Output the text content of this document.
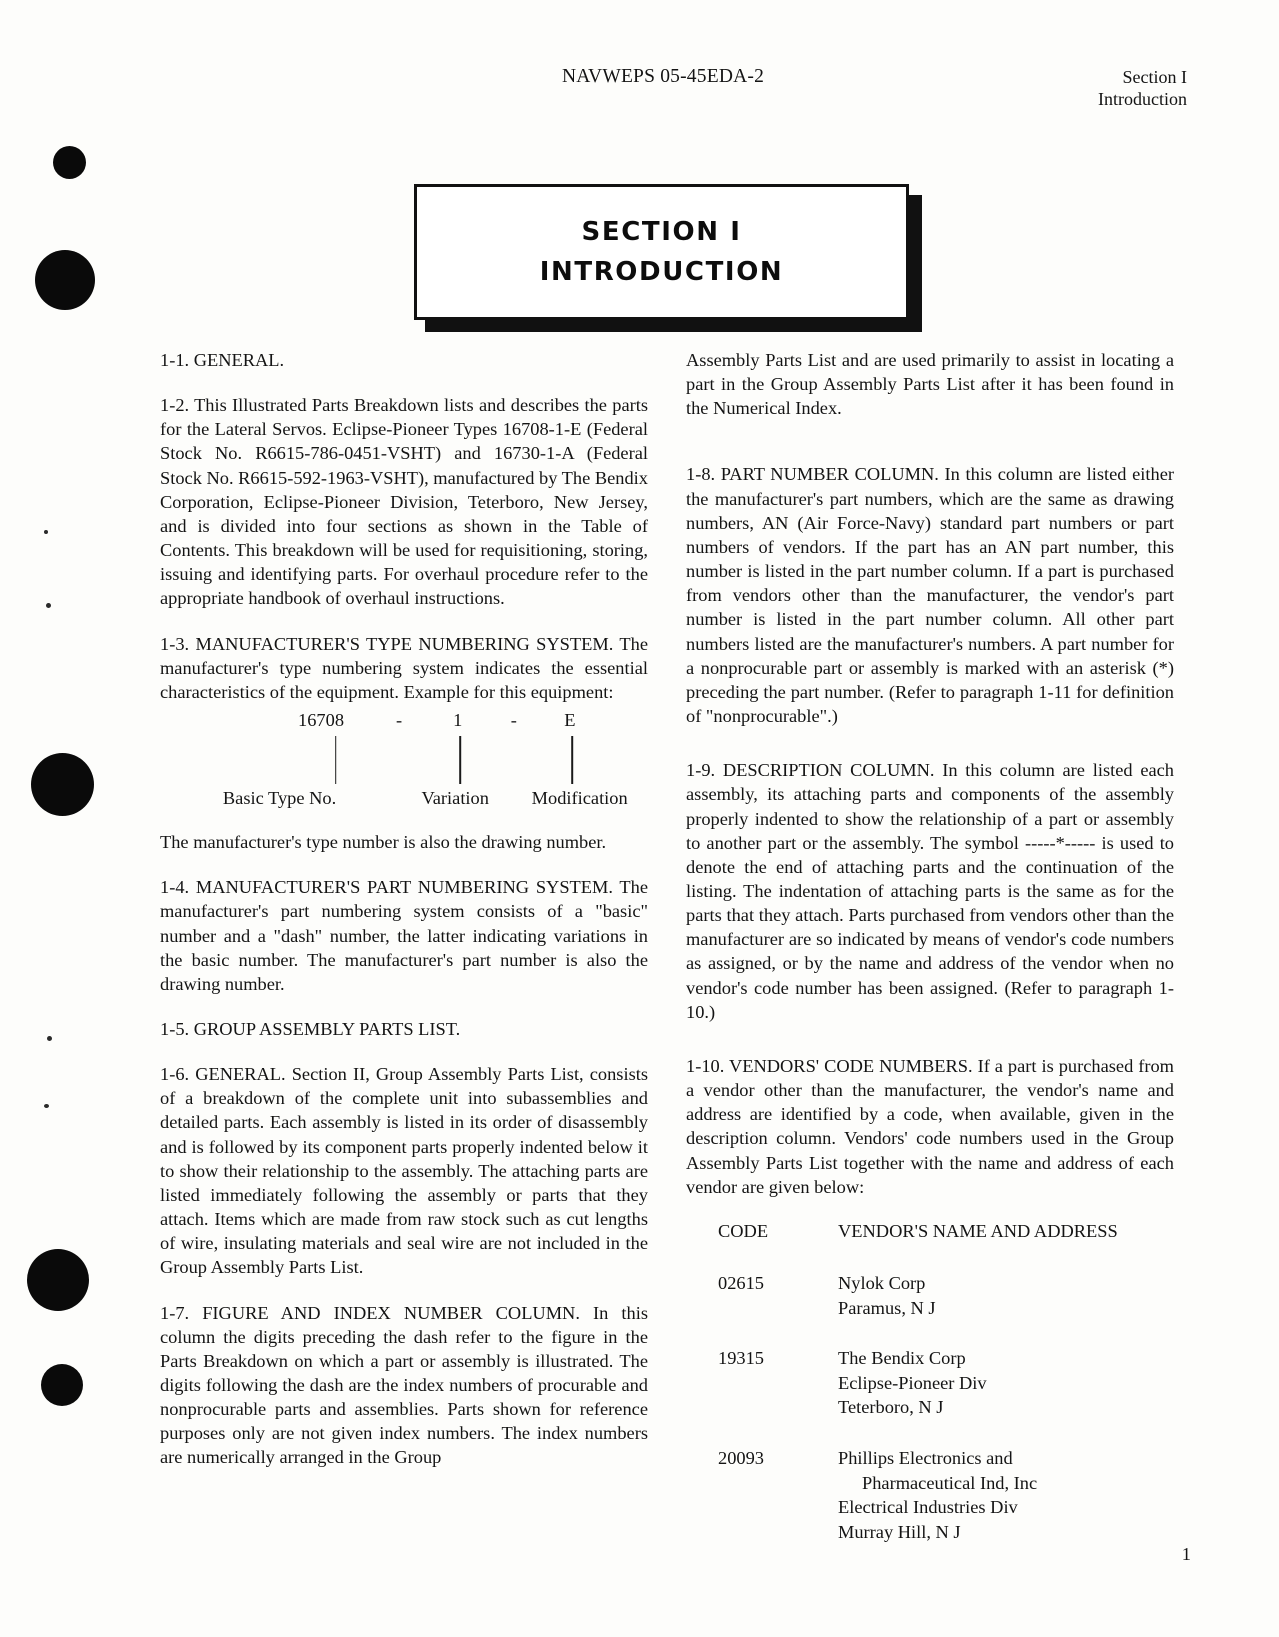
NAVWEPS 05-45EDA-2	Section I
Introduction
SECTION I
INTRODUCTION

1-1. GENERAL.

1-2. This Illustrated Parts Breakdown lists and describes the parts for the Lateral Servos. Eclipse-Pioneer Types 16708-1-E (Federal Stock No. R6615-786-0451-VSHT) and 16730-1-A (Federal Stock No. R6615-592-1963-VSHT), manufactured by The Bendix Corporation, Eclipse-Pioneer Division, Teterboro, New Jersey, and is divided into four sections as shown in the Table of Contents. This breakdown will be used for requisitioning, storing, issuing and identifying parts. For overhaul procedure refer to the appropriate handbook of overhaul instructions.

1-3. MANUFACTURER'S TYPE NUMBERING SYSTEM. The manufacturer's type numbering system indicates the essential characteristics of the equipment. Example for this equipment:

16708	-	1	-	E
Basic Type No.	Variation Modification

The manufacturer's type number is also the drawing number.

1-4. MANUFACTURER'S PART NUMBERING SYSTEM. The manufacturer's part numbering system consists of a "basic" number and a "dash" number, the latter indicating variations in the basic number. The manufacturer's part number is also the drawing number.

1-5. GROUP ASSEMBLY PARTS LIST.

1-6. GENERAL. Section II, Group Assembly Parts List, consists of a breakdown of the complete unit into subassemblies and detailed parts. Each assembly is listed in its order of disassembly and is followed by its component parts properly indented below it to show their relationship to the assembly. The attaching parts are listed immediately following the assembly or parts that they attach. Items which are made from raw stock such as cut lengths of wire, insulating materials and seal wire are not included in the Group Assembly Parts List.

1-7. FIGURE AND INDEX NUMBER COLUMN. In this column the digits preceding the dash refer to the figure in the Parts Breakdown on which a part or assembly is illustrated. The digits following the dash are the index numbers of procurable and nonprocurable parts and assemblies. Parts shown for reference purposes only are not given index numbers. The index numbers are numerically arranged in the Group

Assembly Parts List and are used primarily to assist in locating a part in the Group Assembly Parts List after it has been found in the Numerical Index.

1-8. PART NUMBER COLUMN. In this column are listed either the manufacturer's part numbers, which are the same as drawing numbers, AN (Air Force-Navy) standard part numbers or part numbers of vendors. If the part has an AN part number, this number is listed in the part number column. If a part is purchased from vendors other than the manufacturer, the vendor's part number is listed in the part number column. All other part numbers listed are the manufacturer's numbers. A part number for a nonprocurable part or assembly is marked with an asterisk (*) preceding the part number. (Refer to paragraph 1-11 for definition of "nonprocurable".)

1-9. DESCRIPTION COLUMN. In this column are listed each assembly, its attaching parts and components of the assembly properly indented to show the relationship of a part or assembly to another part or the assembly. The symbol -----*----- is used to denote the end of attaching parts and the continuation of the listing. The indentation of attaching parts is the same as for the parts that they attach. Parts purchased from vendors other than the manufacturer are so indicated by means of vendor's code numbers as assigned, or by the name and address of the vendor when no vendor's code number has been assigned. (Refer to paragraph 1-10.)

1-10. VENDORS' CODE NUMBERS. If a part is purchased from a vendor other than the manufacturer, the vendor's name and address are identified by a code, when available, given in the description column. Vendors' code numbers used in the Group Assembly Parts List together with the name and address of each vendor are given below:

CODE	VENDOR'S NAME AND ADDRESS
02615	Nylok Corp
Paramus, N J
19315	The Bendix Corp
Eclipse-Pioneer Div
Teterboro, N J
20093	Phillips Electronics and
Pharmaceutical Ind, Inc
Electrical Industries Div
Murray Hill, N J
1
